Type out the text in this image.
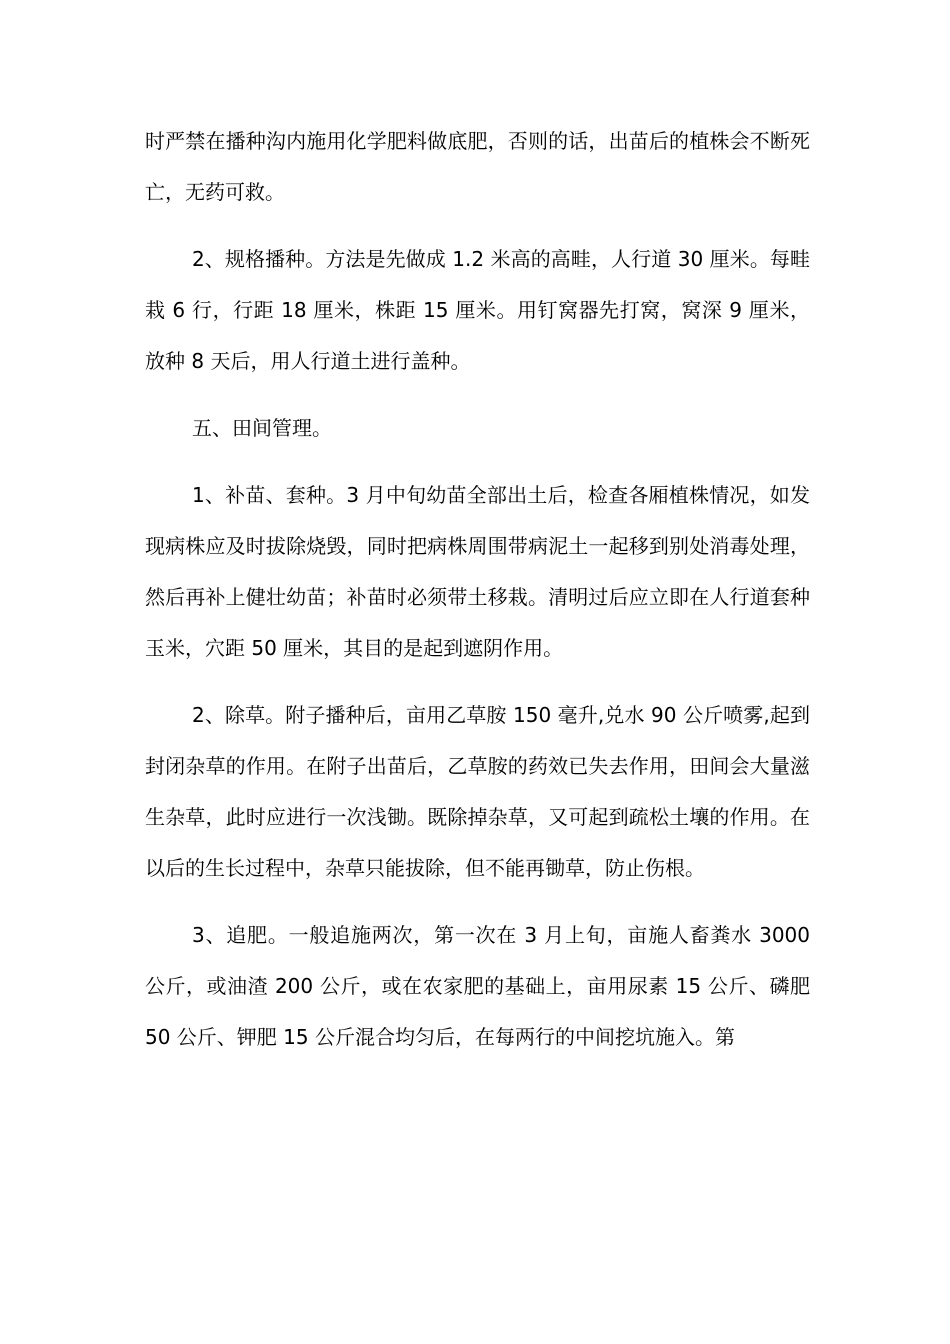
时严禁在播种沟内施用化学肥料做底肥，否则的话，出苗后的植株会不断死亡，无药可救。

2、规格播种。方法是先做成 1.2 米高的高畦，人行道 30 厘米。每畦栽 6 行，行距 18 厘米，株距 15 厘米。用钉窝器先打窝，窝深 9 厘米，放种 8 天后，用人行道土进行盖种。

五、田间管理。

1、补苗、套种。3 月中旬幼苗全部出土后，检查各厢植株情况，如发现病株应及时拔除烧毁，同时把病株周围带病泥土一起移到别处消毒处理，然后再补上健壮幼苗；补苗时必须带土移栽。清明过后应立即在人行道套种玉米，穴距 50 厘米，其目的是起到遮阴作用。

2、除草。附子播种后，亩用乙草胺 150 毫升,兑水 90 公斤喷雾,起到封闭杂草的作用。在附子出苗后，乙草胺的药效已失去作用，田间会大量滋生杂草，此时应进行一次浅锄。既除掉杂草，又可起到疏松土壤的作用。在以后的生长过程中，杂草只能拔除，但不能再锄草，防止伤根。

3、追肥。一般追施两次，第一次在 3 月上旬，亩施人畜粪水 3000 公斤，或油渣 200 公斤，或在农家肥的基础上，亩用尿素 15 公斤、磷肥 50 公斤、钾肥 15 公斤混合均匀后，在每两行的中间挖坑施入。第
